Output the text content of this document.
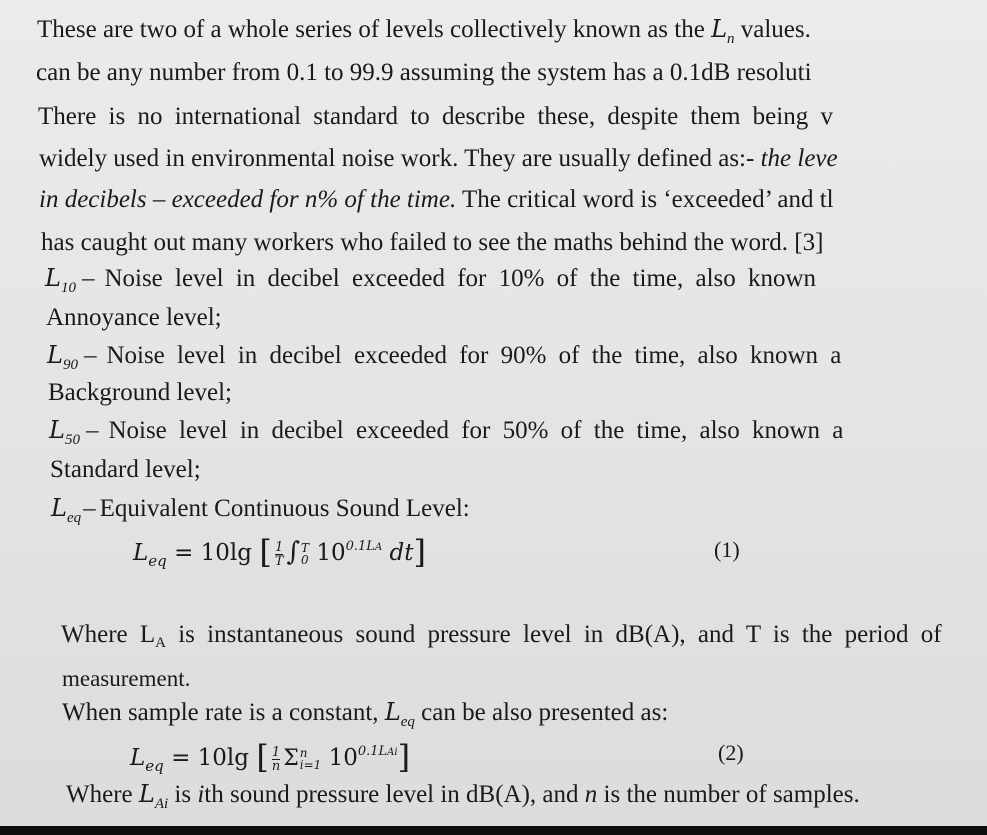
These are two of a whole series of levels collectively known as the $L_n$ values.
can be any number from 0.1 to 99.9 assuming the system has a 0.1dB resoluti
There is no international standard to describe these, despite them being v
widely used in environmental noise work. They are usually defined as:- the leve
in decibels – exceeded for n% of the time. The critical word is ‘exceeded’ and tl
has caught out many workers who failed to see the maths behind the word. [3]
$L_{10}$ – Noise level in decibel exceeded for 10% of the time, also known
Annoyance level;
$L_{90}$ – Noise level in decibel exceeded for 90% of the time, also known a
Background level;
$L_{50}$ – Noise level in decibel exceeded for 50% of the time, also known a
Standard level;
$L_{eq}-$ Equivalent Continuous Sound Level:
$L_{eq} = 10\lg$ [ $\frac{1}{T}$ ∫ T
0 $10^{0.1LA}$ dt]	(1)
Where $L_A$ is instantaneous sound pressure level in dB(A), and T is the period of
measurement.
When sample rate is a constant, $L_{eq}$ can be also presented as:
$L_{eq} = 10\lg$ [ $\frac{1}{n}$ Σ n
i=1 $10^{0.1LAi}$]	(2)
Where $L_{Ai}$ is ith sound pressure level in dB(A), and n is the number of samples.
